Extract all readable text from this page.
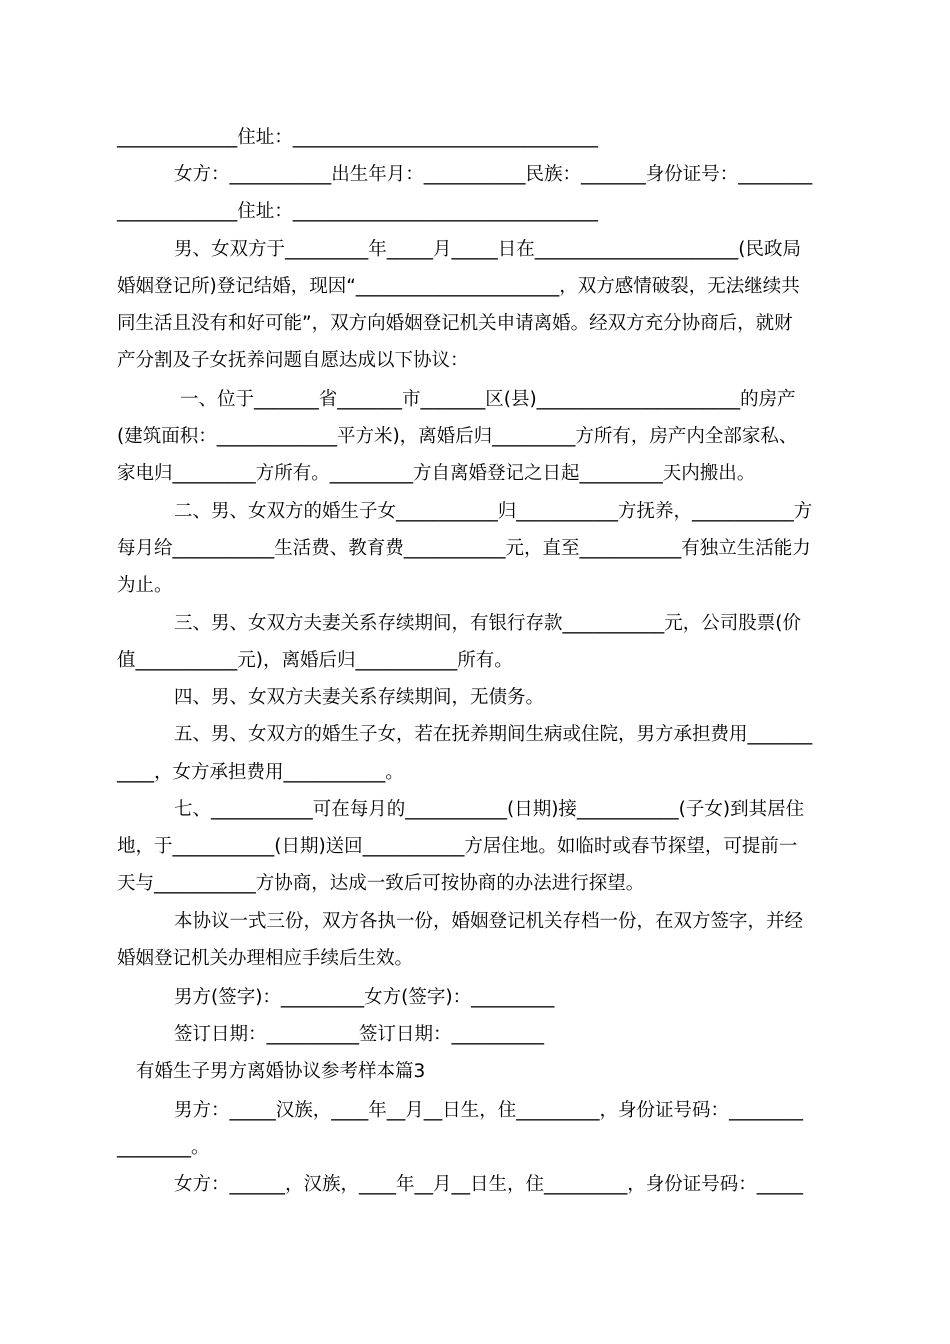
_____________住址：_________________________________
女方：___________出生年月：___________民族：_______身份证号：________
_____________住址：_________________________________
男、女双方于_________年_____月_____日在______________________(民政局
婚姻登记所)登记结婚，现因“______________________，双方感情破裂，无法继续共
同生活且没有和好可能”，双方向婚姻登记机关申请离婚。经双方充分协商后，就财
产分割及子女抚养问题自愿达成以下协议：
一、位于_______省_______市_______区(县)______________________的房产
(建筑面积：_____________平方米)，离婚后归_________方所有，房产内全部家私、
家电归_________方所有。_________方自离婚登记之日起_________天内搬出。
二、男、女双方的婚生子女___________归___________方抚养，___________方
每月给___________生活费、教育费___________元，直至___________有独立生活能力
为止。
三、男、女双方夫妻关系存续期间，有银行存款___________元，公司股票(价
值___________元)，离婚后归___________所有。
四、男、女双方夫妻关系存续期间，无债务。
五、男、女双方的婚生子女，若在抚养期间生病或住院，男方承担费用_______
____，女方承担费用___________。
七、___________可在每月的___________(日期)接___________(子女)到其居住
地，于___________(日期)送回___________方居住地。如临时或春节探望，可提前一
天与___________方协商，达成一致后可按协商的办法进行探望。
本协议一式三份，双方各执一份，婚姻登记机关存档一份，在双方签字，并经
婚姻登记机关办理相应手续后生效。
男方(签字)：_________女方(签字)：_________
签订日期：__________签订日期：__________
有婚生子男方离婚协议参考样本篇3
男方：_____汉族，____年__月__日生，住_________，身份证号码：________
________。
女方：______，汉族，____年__月__日生，住_________，身份证号码：_____
